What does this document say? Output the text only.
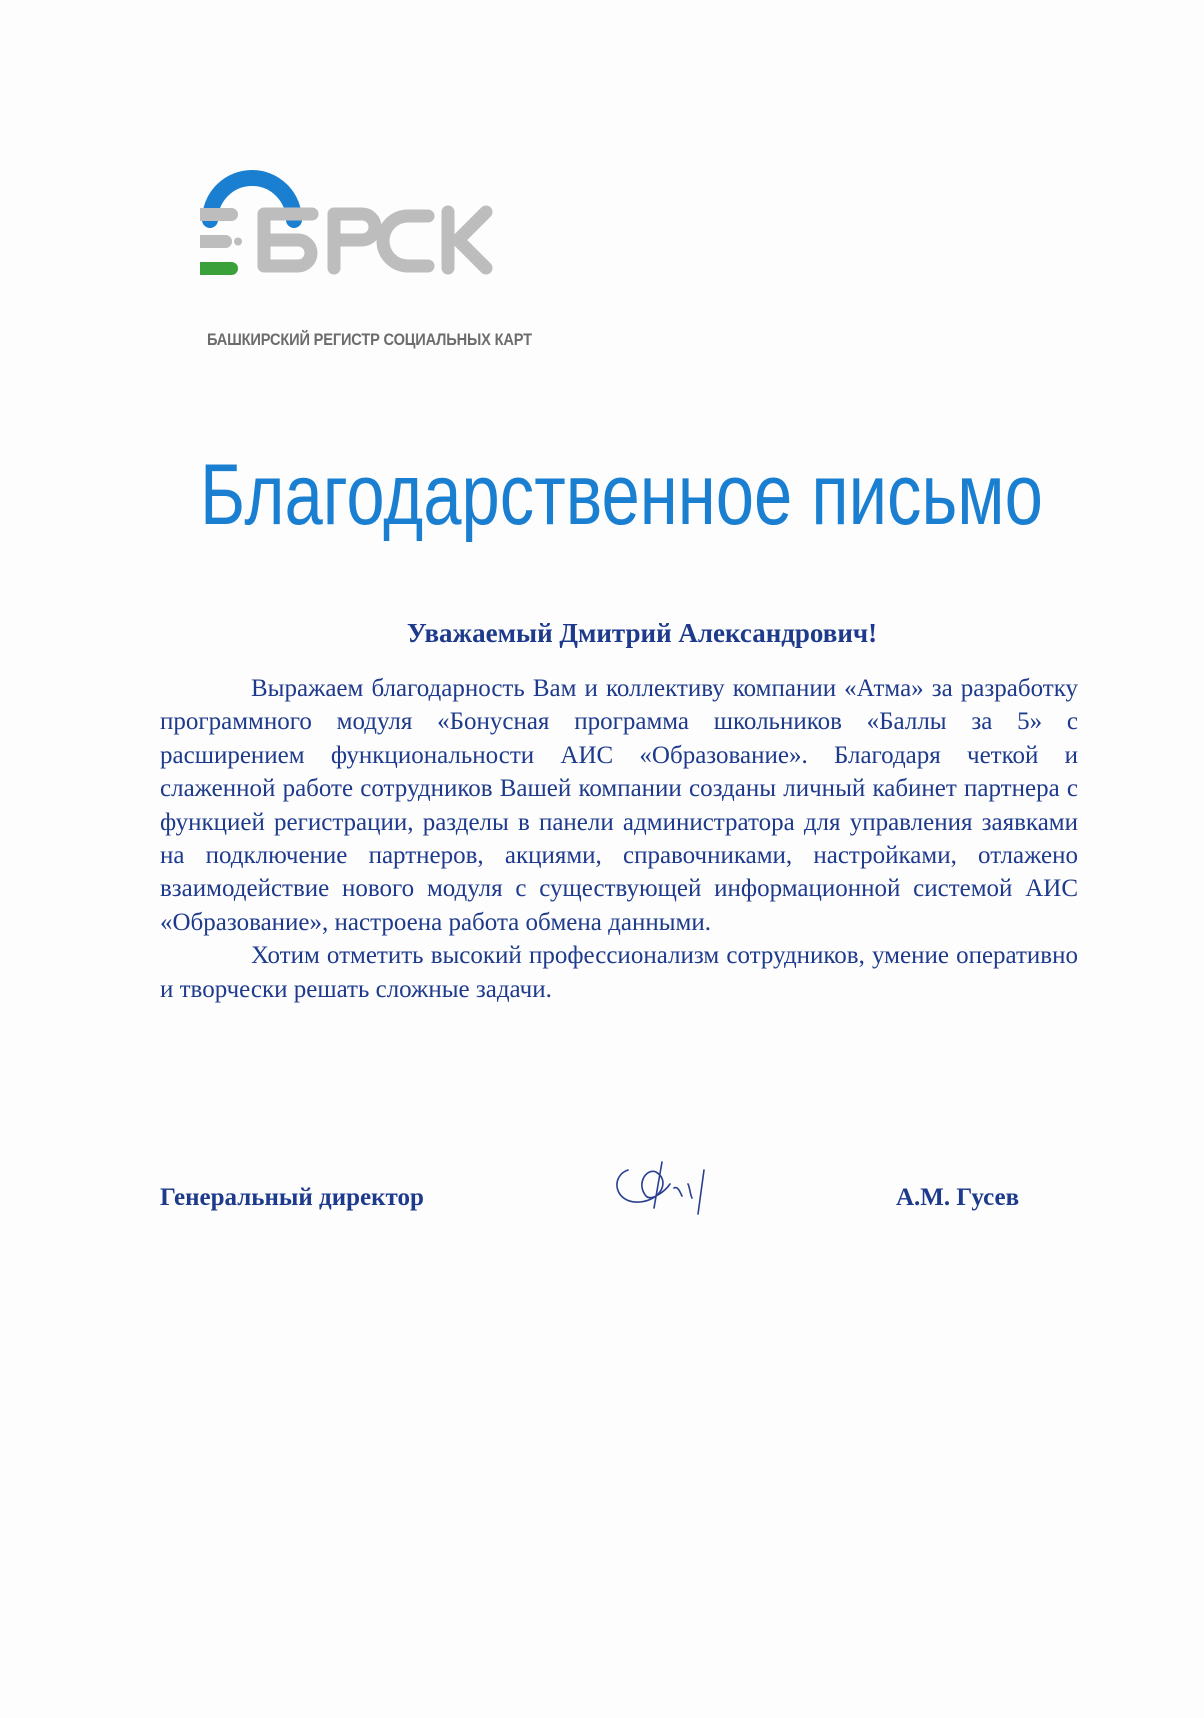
БАШКИРСКИЙ РЕГИСТР СОЦИАЛЬНЫХ КАРТ
Благодарственное письмо
Уважаемый Дмитрий Александрович!

Выражаем благодарность Вам и коллективу компании «Атма» за разработку программного модуля «Бонусная программа школьников «Баллы за 5» с расширением функциональности АИС «Образование». Благодаря четкой и слаженной работе сотрудников Вашей компании созданы личный кабинет партнера с функцией регистрации, разделы в панели администратора для управления заявками на подключение партнеров, акциями, справочниками, настройками, отлажено взаимодействие нового модуля с существующей информационной системой АИС «Образование», настроена работа обмена данными.

Хотим отметить высокий профессионализм сотрудников, умение оперативно и творчески решать сложные задачи.

Генеральный директор	А.М. Гусев
